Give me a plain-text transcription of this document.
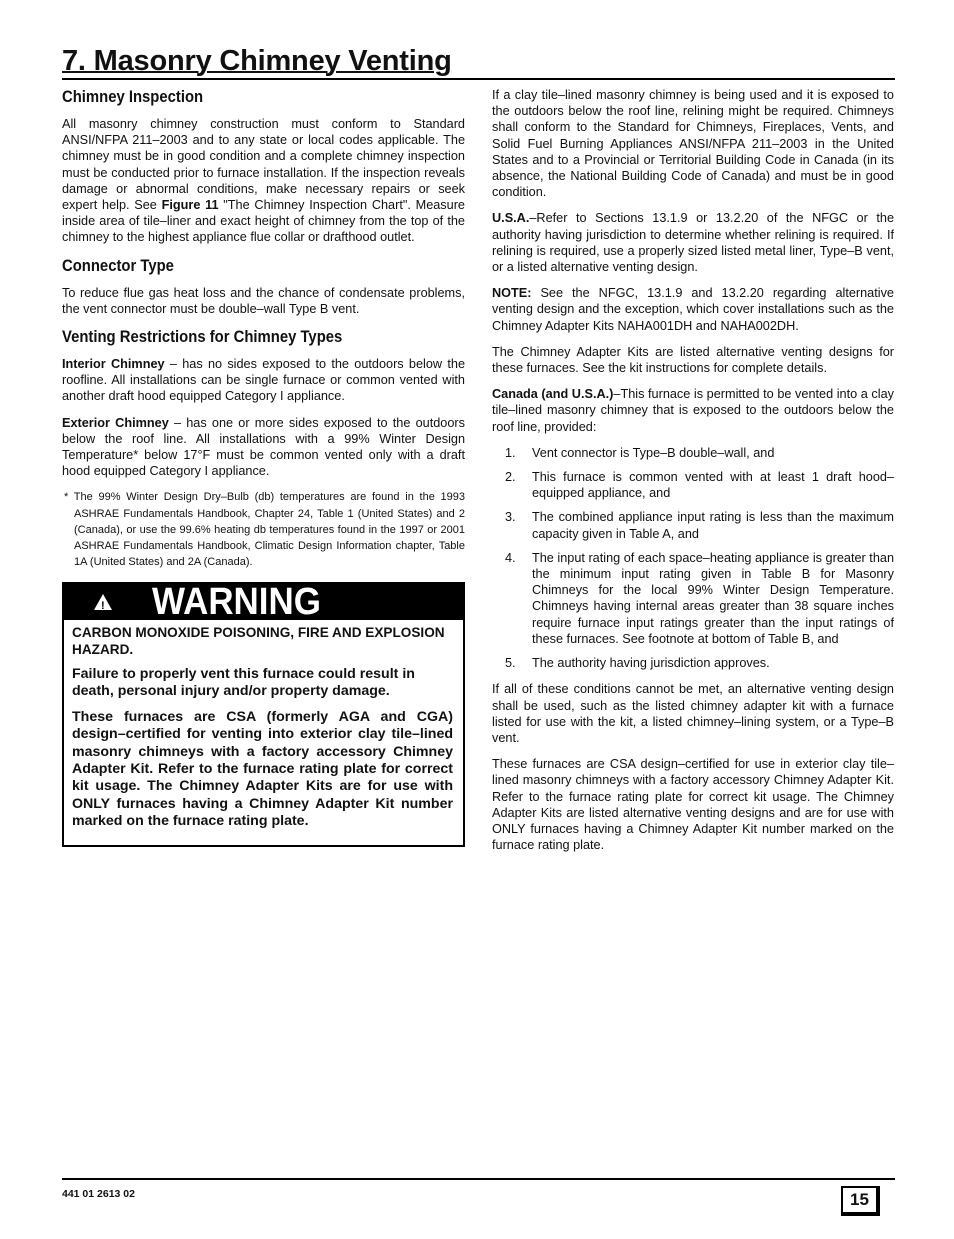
7. Masonry Chimney Venting
Chimney Inspection

All masonry chimney construction must conform to Standard ANSI/NFPA 211–2003 and to any state or local codes applicable. The chimney must be in good condition and a complete chimney inspection must be conducted prior to furnace installation. If the inspection reveals damage or abnormal conditions, make necessary repairs or seek expert help. See Figure 11 "The Chimney Inspection Chart". Measure inside area of tile–liner and exact height of chimney from the top of the chimney to the highest appliance flue collar or drafthood outlet.

Connector Type

To reduce flue gas heat loss and the chance of condensate problems, the vent connector must be double–wall Type B vent.

Venting Restrictions for Chimney Types

Interior Chimney – has no sides exposed to the outdoors below the roofline. All installations can be single furnace or common vented with another draft hood equipped Category I appliance.

Exterior Chimney – has one or more sides exposed to the outdoors below the roof line. All installations with a 99% Winter Design Temperature* below 17°F must be common vented only with a draft hood equipped Category I appliance.

* The 99% Winter Design Dry–Bulb (db) temperatures are found in the 1993 ASHRAE Fundamentals Handbook, Chapter 24, Table 1 (United States) and 2 (Canada), or use the 99.6% heating db temperatures found in the 1997 or 2001 ASHRAE Fundamentals Handbook, Climatic Design Information chapter, Table 1A (United States) and 2A (Canada).

! WARNING

CARBON MONOXIDE POISONING, FIRE AND EXPLOSION HAZARD.

Failure to properly vent this furnace could result in death, personal injury and/or property damage.

These furnaces are CSA (formerly AGA and CGA) design–certified for venting into exterior clay tile–lined masonry chimneys with a factory accessory Chimney Adapter Kit. Refer to the furnace rating plate for correct kit usage. The Chimney Adapter Kits are for use with ONLY furnaces having a Chimney Adapter Kit number marked on the furnace rating plate.

If a clay tile–lined masonry chimney is being used and it is exposed to the outdoors below the roof line, relining might be required. Chimneys shall conform to the Standard for Chimneys, Fireplaces, Vents, and Solid Fuel Burning Appliances ANSI/NFPA 211–2003 in the United States and to a Provincial or Territorial Building Code in Canada (in its absence, the National Building Code of Canada) and must be in good condition.

U.S.A.–Refer to Sections 13.1.9 or 13.2.20 of the NFGC or the authority having jurisdiction to determine whether relining is required. If relining is required, use a properly sized listed metal liner, Type–B vent, or a listed alternative venting design.

NOTE: See the NFGC, 13.1.9 and 13.2.20 regarding alternative venting design and the exception, which cover installations such as the Chimney Adapter Kits NAHA001DH and NAHA002DH.

The Chimney Adapter Kits are listed alternative venting designs for these furnaces. See the kit instructions for complete details.

Canada (and U.S.A.)–This furnace is permitted to be vented into a clay tile–lined masonry chimney that is exposed to the outdoors below the roof line, provided:

1. Vent connector is Type–B double–wall, and
2. This furnace is common vented with at least 1 draft hood–equipped appliance, and
3. The combined appliance input rating is less than the maximum capacity given in Table A, and
4. The input rating of each space–heating appliance is greater than the minimum input rating given in Table B for Masonry Chimneys for the local 99% Winter Design Temperature. Chimneys having internal areas greater than 38 square inches require furnace input ratings greater than the input ratings of these furnaces. See footnote at bottom of Table B, and
5. The authority having jurisdiction approves.

If all of these conditions cannot be met, an alternative venting design shall be used, such as the listed chimney adapter kit with a furnace listed for use with the kit, a listed chimney–lining system, or a Type–B vent.

These furnaces are CSA design–certified for use in exterior clay tile–lined masonry chimneys with a factory accessory Chimney Adapter Kit. Refer to the furnace rating plate for correct kit usage. The Chimney Adapter Kits are listed alternative venting designs and are for use with ONLY furnaces having a Chimney Adapter Kit number marked on the furnace rating plate.

441 01 2613 02	15
